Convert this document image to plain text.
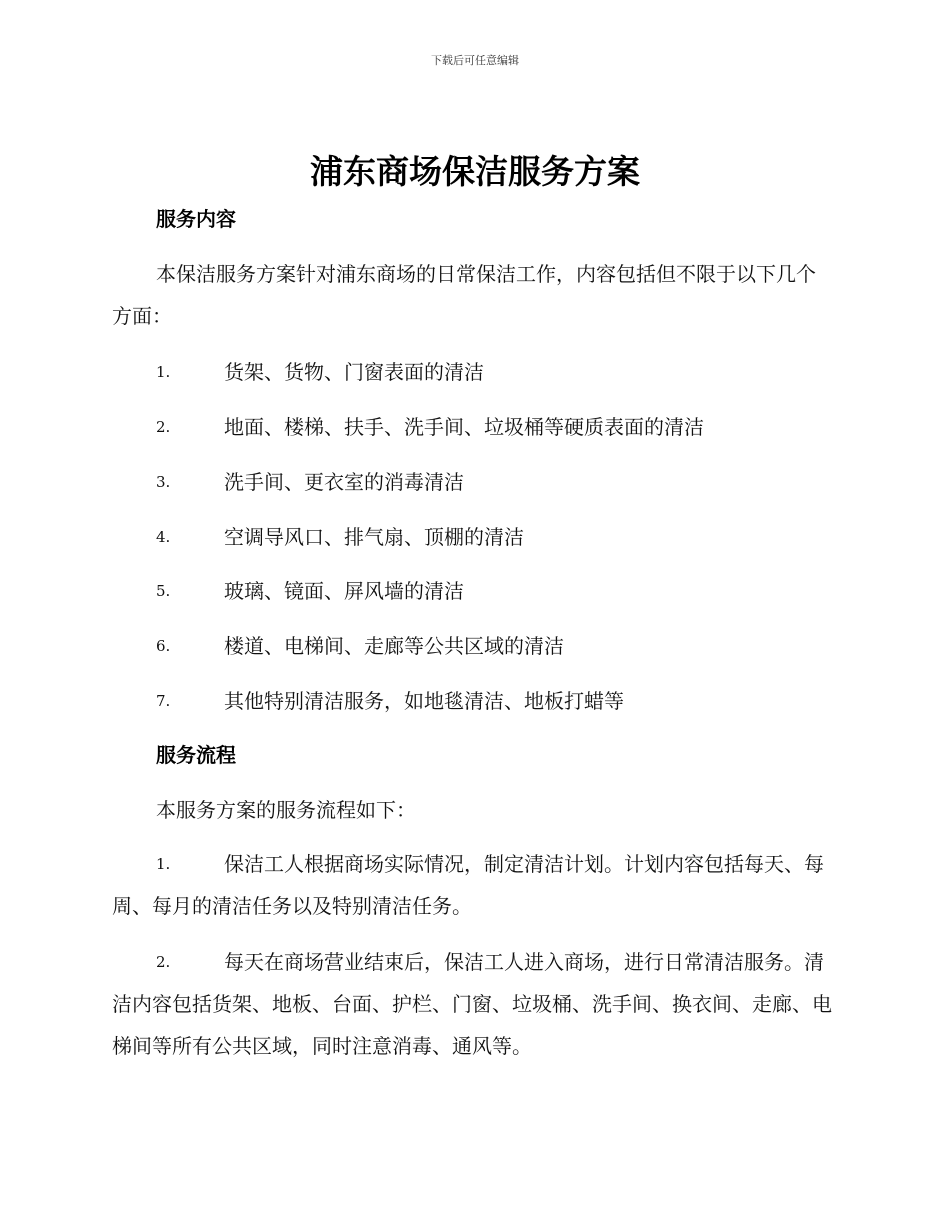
下载后可任意编辑
浦东商场保洁服务方案
服务内容

本保洁服务方案针对浦东商场的日常保洁工作，内容包括但不限于以下几个方面：

1.	货架、货物、门窗表面的清洁
2.	地面、楼梯、扶手、洗手间、垃圾桶等硬质表面的清洁
3.	洗手间、更衣室的消毒清洁
4.	空调导风口、排气扇、顶棚的清洁
5.	玻璃、镜面、屏风墙的清洁
6.	楼道、电梯间、走廊等公共区域的清洁
7.	其他特别清洁服务，如地毯清洁、地板打蜡等
服务流程

本服务方案的服务流程如下：

1.	保洁工人根据商场实际情况，制定清洁计划。计划内容包括每天、每周、每月的清洁任务以及特别清洁任务。
2.	每天在商场营业结束后，保洁工人进入商场，进行日常清洁服务。清洁内容包括货架、地板、台面、护栏、门窗、垃圾桶、洗手间、换衣间、走廊、电梯间等所有公共区域，同时注意消毒、通风等。
